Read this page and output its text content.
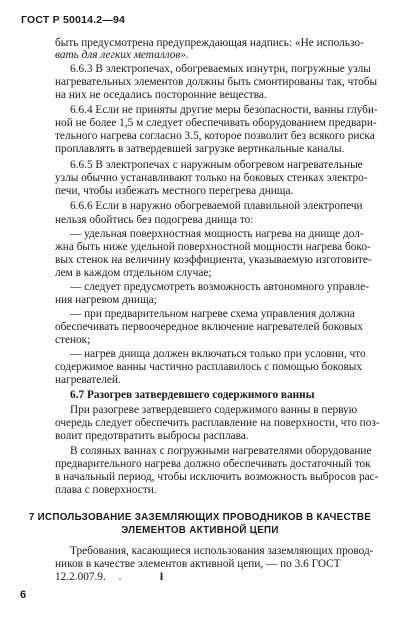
ГОСТ Р 50014.2—94
быть предусмотрена предупреждающая надпись: «Не использо-
вать для легких металлов».
6.6.3 В электропечах, обогреваемых изнутри, погружные узлы
нагревательных элементов должны быть смонтированы так, чтобы
на них не оседались посторонние вещества.
6.6.4 Если не приняты другие меры безопасности, ванны глуби-
ной не более 1,5 м следует обеспечивать оборудованием предвари-
тельного нагрева согласно 3.5, которое позволит без всякого риска
проплавлять в затвердевшей загрузке вертикальные каналы.
6.6.5 В электропечах с наружным обогревом нагревательные
узлы обычно устанавливают только на боковых стенках электро-
печи, чтобы избежать местного перегрева днища.
6.6.6 Если в наружно обогреваемой плавильной электропечи
нельзя обойтись без подогрева днища то:
— удельная поверхностная мощность нагрева на днище дол-
жна быть ниже удельной поверхностной мощности нагрева боко-
вых стенок на величину коэффициента, указываемую изготовите-
лем в каждом отдельном случае;
— следует предусмотреть возможность автономного управле-
ния нагревом днища;
— при предварительном нагреве схема управления должна
обеспечивать первоочередное включение нагревателей боковых
стенок;
— нагрев днища должен включаться только при условии, что
содержимое ванны частично расплавилось с помощью боковых
нагревателей.
6.7 Разогрев затвердевшего содержимого ванны
При разогреве затвердевшего содержимого ванны в первую
очередь следует обеспечить расплавление на поверхности, что поз-
волит предотвратить выбросы расплава.
В соляных ваннах с погружными нагревателями оборудование
предварительного нагрева должно обеспечивать достаточный ток
в начальный период, чтобы исключить возможность выбросов рас-
плава с поверхности.
7 ИСПОЛЬЗОВАНИЕ ЗАЗЕМЛЯЮЩИХ ПРОВОДНИКОВ В КАЧЕСТВЕ
ЭЛЕМЕНТОВ АКТИВНОЙ ЦЕПИ
Требования, касающиеся использования заземляющих провод-
ников в качестве элементов активной цепи, — по 3.6 ГОСТ
12.2.007.9. .	ł
6
